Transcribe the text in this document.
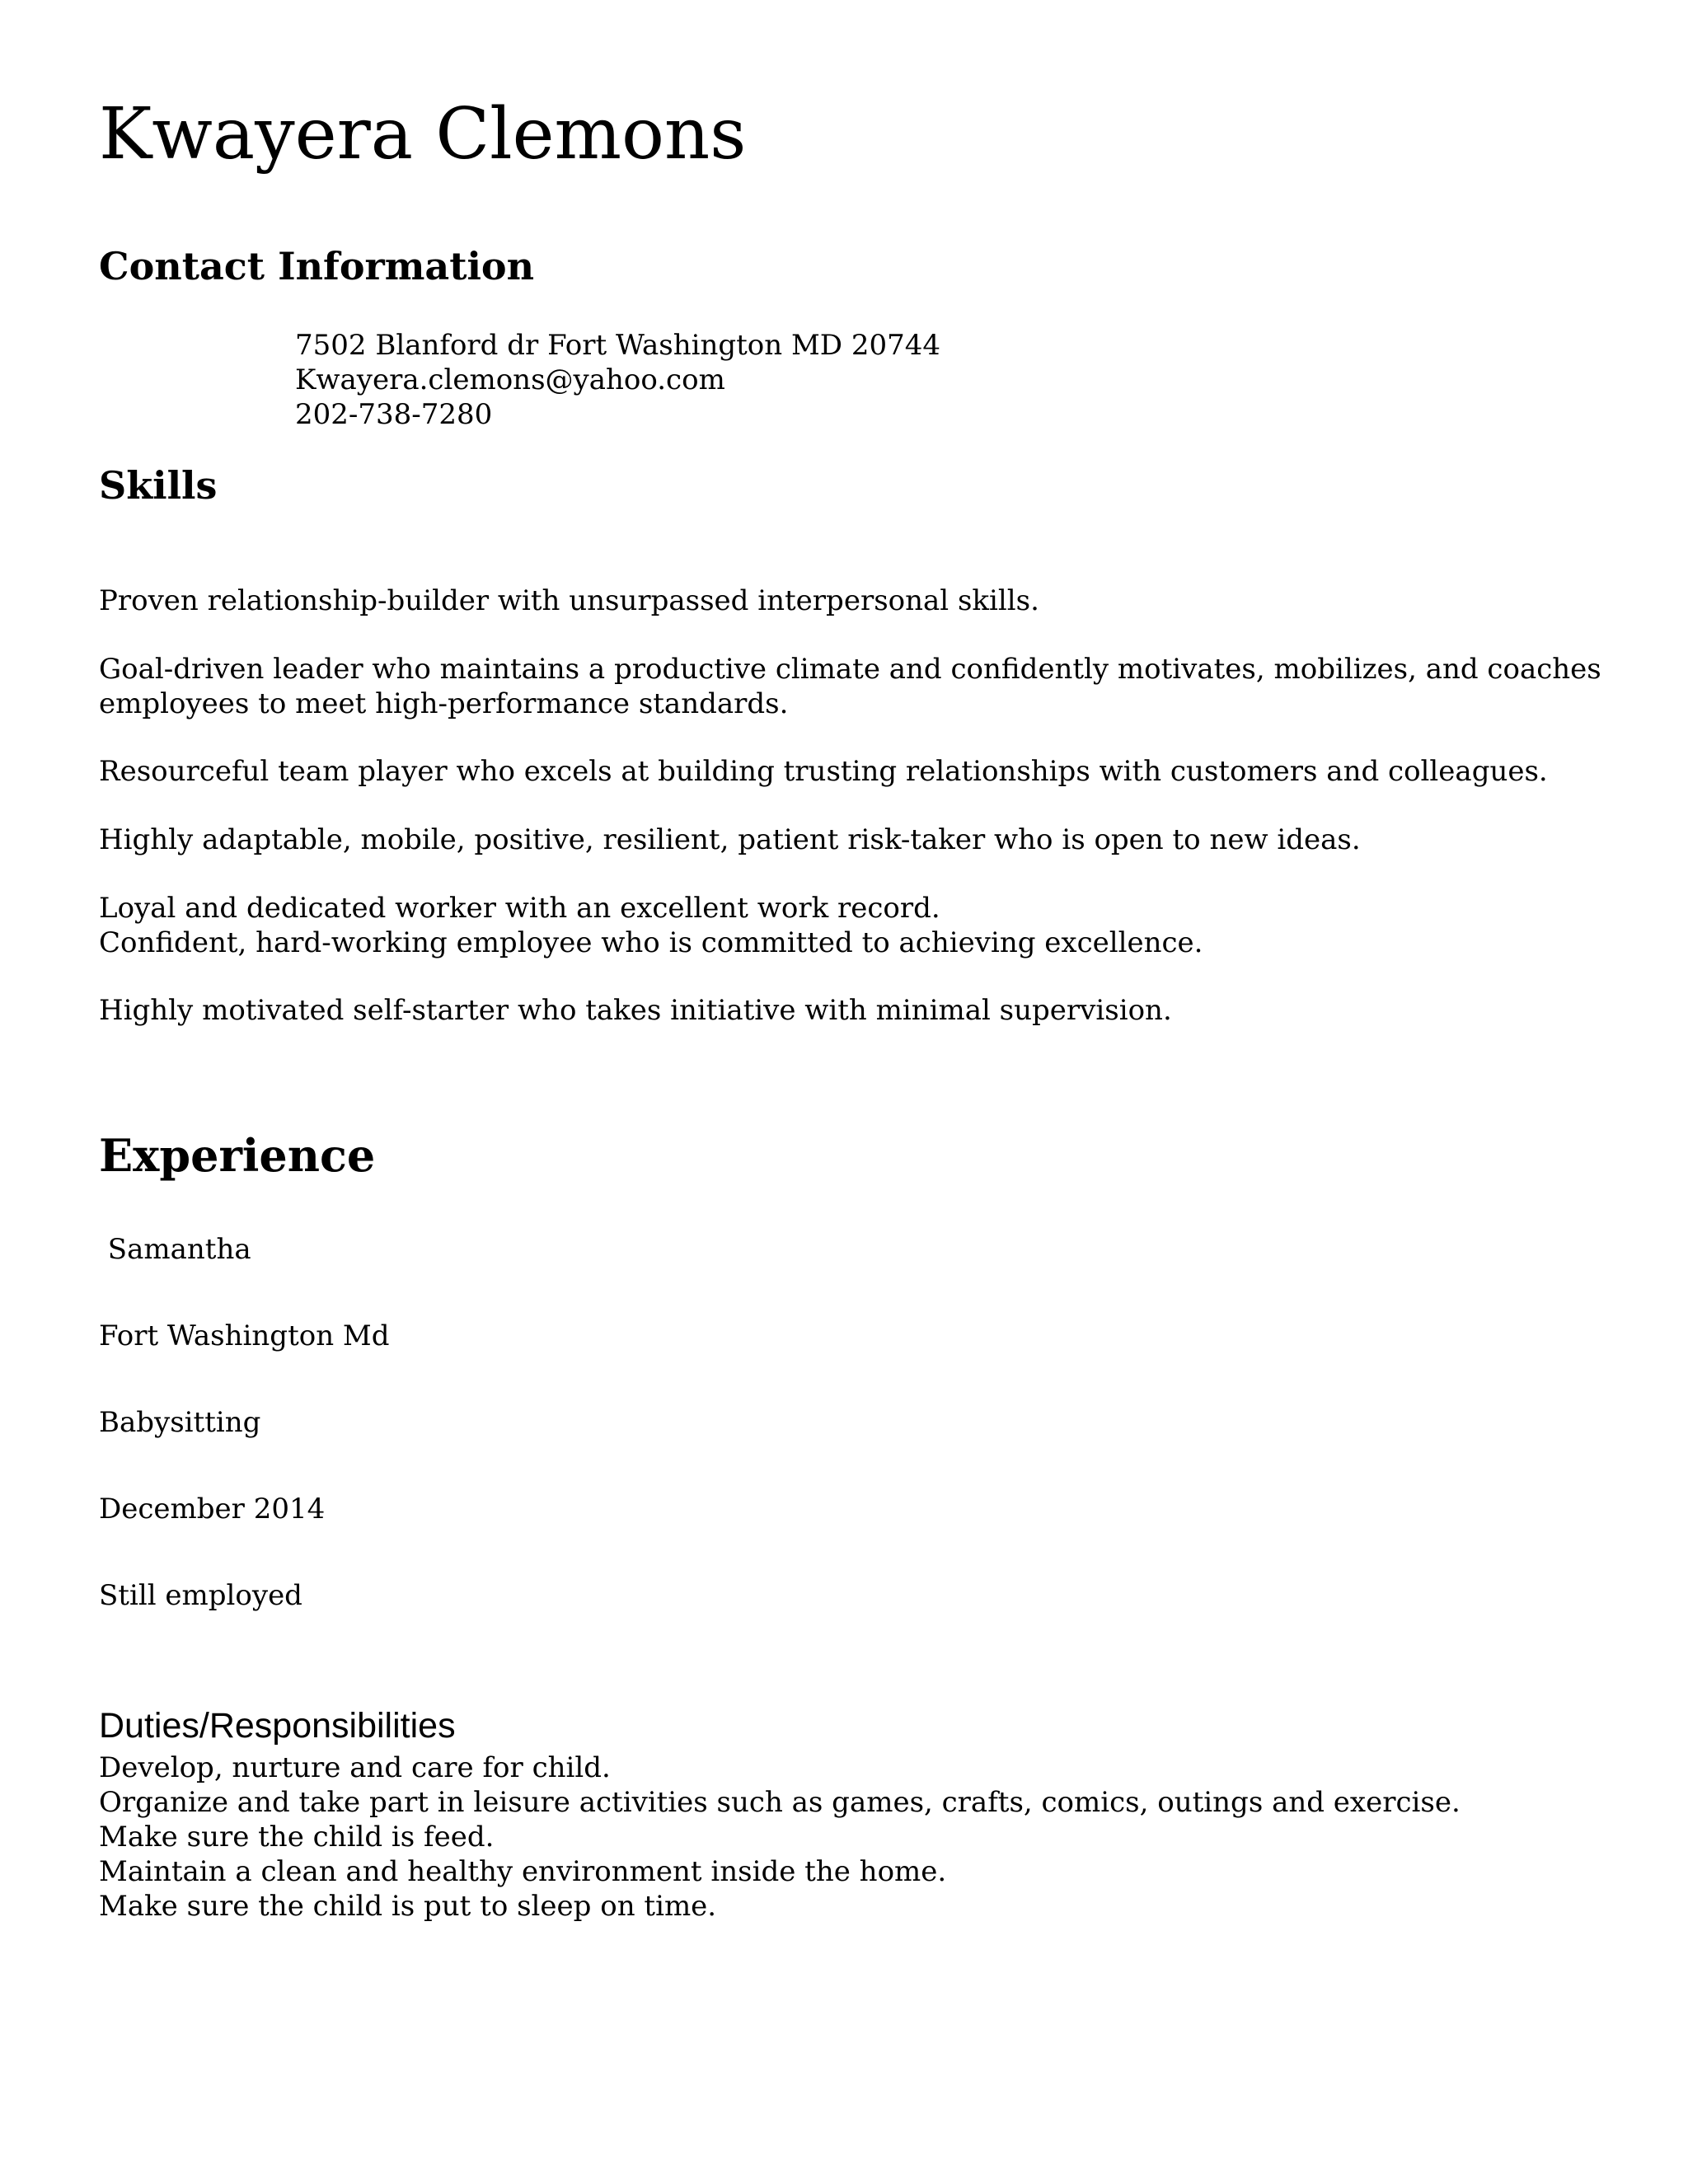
Kwayera Clemons
Contact Information
7502 Blanford dr Fort Washington MD 20744
Kwayera.clemons@yahoo.com
202-738-7280
Skills
Proven relationship-builder with unsurpassed interpersonal skills.
Goal-driven leader who maintains a productive climate and confidently motivates, mobilizes, and coaches
employees to meet high-performance standards.
Resourceful team player who excels at building trusting relationships with customers and colleagues.
Highly adaptable, mobile, positive, resilient, patient risk-taker who is open to new ideas.
Loyal and dedicated worker with an excellent work record.
Confident, hard-working employee who is committed to achieving excellence.
Highly motivated self-starter who takes initiative with minimal supervision.
Experience
Samantha
Fort Washington Md
Babysitting
December 2014
Still employed
Duties/Responsibilities
Develop, nurture and care for child.
Organize and take part in leisure activities such as games, crafts, comics, outings and exercise.
Make sure the child is feed.
Maintain a clean and healthy environment inside the home.
Make sure the child is put to sleep on time.
